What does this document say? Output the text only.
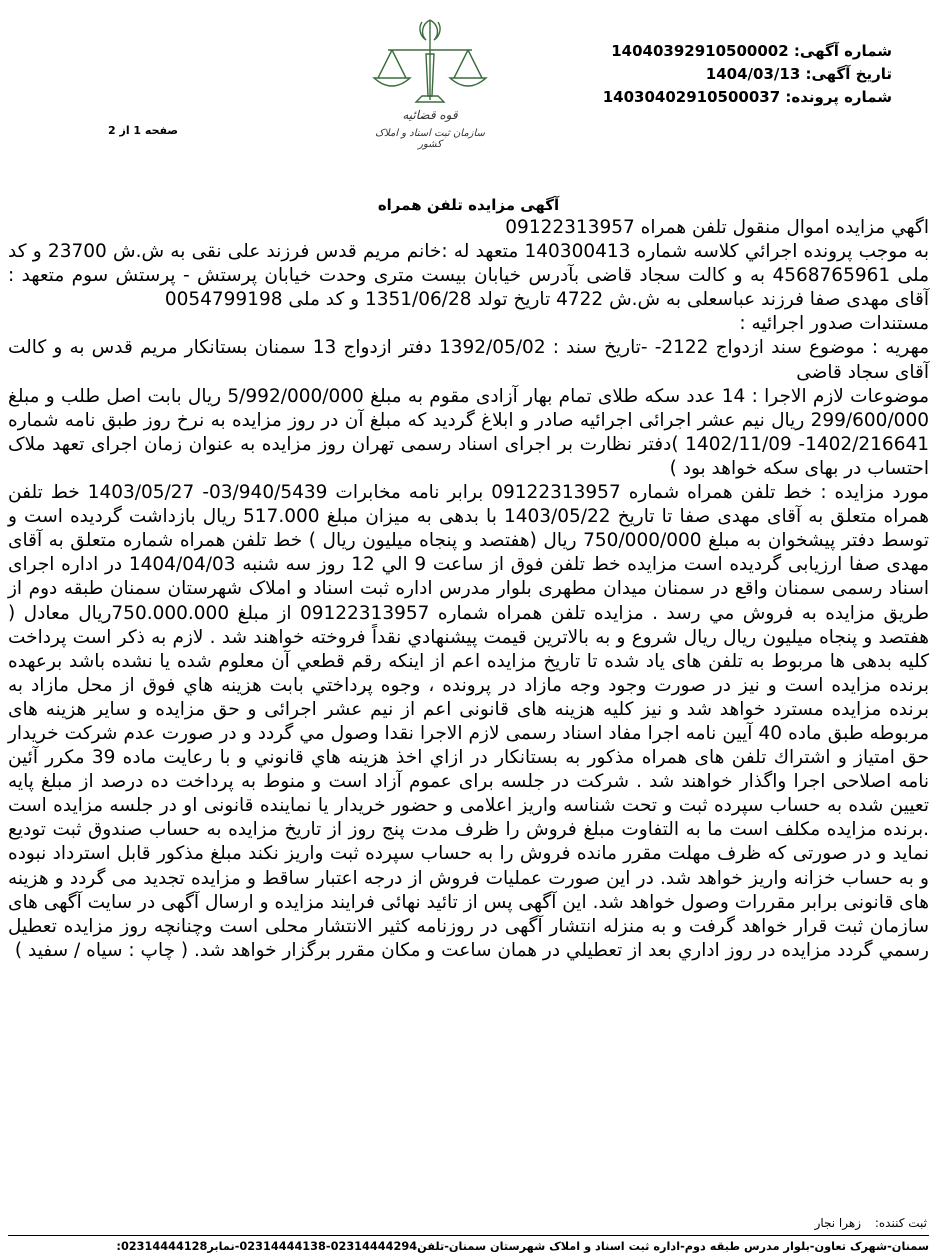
شماره آگهی: 14040392910500002
تاریخ آگهی: 1404/03/13
شماره پرونده: 14030402910500037
قوه قضائیه
سازمان ثبت اسناد و املاک کشور
صفحه 1 از 2
آگهی مزایده تلفن همراه

اگهي مزايده اموال منقول تلفن همراه 09122313957

به موجب پرونده اجرائي کلاسه شماره 140300413 متعهد له :خانم مریم قدس فرزند علی نقی به ش.ش 23700 و کد ملی 4568765961 به و کالت سجاد قاضی بآدرس خیابان بیست متری وحدت خیابان پرستش - پرستش سوم متعهد : آقای مهدی صفا فرزند عباسعلی به ش.ش 4722 تاریخ تولد 1351/06/28 و کد ملی 0054799198

مستندات صدور اجرائیه :

مهریه : موضوع سند ازدواج 2122- -تاریخ سند : 1392/05/02 دفتر ازدواج 13 سمنان بستانکار مریم قدس به و کالت آقای سجاد قاضی

موضوعات لازم الاجرا : 14 عدد سکه طلای تمام بهار آزادی مقوم به مبلغ 5/992/000/000 ریال بابت اصل طلب و مبلغ 299/600/000 ریال نیم عشر اجرائی اجرائیه صادر و ابلاغ گردید که مبلغ آن در روز مزایده به نرخ روز طبق نامه شماره 1402/216641- 1402/11/09 )دفتر نظارت بر اجرای اسناد رسمی تهران روز مزایده به عنوان زمان اجرای تعهد ملاک احتساب در بهای سکه خواهد بود )

مورد مزایده : خط تلفن همراه شماره 09122313957 برابر نامه مخابرات 03/940/5439- 1403/05/27 خط تلفن همراه متعلق به آقای مهدی صفا تا تاریخ 1403/05/22 با بدهی به میزان مبلغ 517.000 ریال بازداشت گردیده است و توسط دفتر پیشخوان به مبلغ 750/000/000 ریال (هفتصد و پنجاه میلیون ریال ) خط تلفن همراه شماره متعلق به آقای مهدی صفا ارزیابی گردیده است مزایده خط تلفن فوق از ساعت 9 الي 12 روز سه شنبه 1404/04/03 در اداره اجرای اسناد رسمی سمنان واقع در سمنان میدان مطهری بلوار مدرس اداره ثبت اسناد و املاک شهرستان سمنان طبقه دوم از طريق مزايده به فروش مي رسد . مزایده تلفن همراه شماره 09122313957 از مبلغ 750.000.000ریال معادل ( هفتصد و پنجاه میلیون ریال ریال شروع و به بالاترين قيمت پيشنهادي نقداً فروخته خواهند شد . لازم به ذكر است پرداخت كليه بدهی ها مربوط به تلفن های یاد شده تا تاريخ مزايده اعم از اينكه رقم قطعي آن معلوم شده يا نشده باشد برعهده برنده مزايده است و نيز در صورت وجود وجه مازاد در پرونده ، وجوه پرداختي بابت هزينه هاي فوق از محل مازاد به برنده مزايده مسترد خواهد شد و نیز کلیه هزینه های قانونی اعم از نیم عشر اجرائی و حق مزایده و سایر هزینه های مربوطه طبق ماده 40 آیین نامه اجرا مفاد اسناد رسمی لازم الاجرا نقدا وصول مي گردد و در صورت عدم شرکت خريدار حق امتیاز و اشتراك تلفن های همراه مذکور به بستانكار در ازاي اخذ هزينه هاي قانوني و با رعايت ماده 39 مكرر آئين نامه اصلاحی اجرا واگذار خواهند شد . شرکت در جلسه برای عموم آزاد است و منوط به پرداخت ده درصد از مبلغ پایه تعیین شده به حساب سپرده ثبت و تحت شناسه واریز اعلامی و حضور خریدار یا نماینده قانونی او در جلسه مزایده است .برنده مزایده مکلف است ما به التفاوت مبلغ فروش را ظرف مدت پنج روز از تاریخ مزایده به حساب صندوق ثبت تودیع نماید و در صورتی که ظرف مهلت مقرر مانده فروش را به حساب سپرده ثبت واریز نکند مبلغ مذکور قابل استرداد نبوده و به حساب خزانه واریز خواهد شد. در این صورت عملیات فروش از درجه اعتبار ساقط و مزایده تجدید می گردد و هزینه های قانونی برابر مقررات وصول خواهد شد. این آگهی پس از تائید نهائی فرایند مزایده و ارسال آگهی در سایت آگهی های سازمان ثبت قرار خواهد گرفت و به منزله انتشار آگهی در روزنامه کثیر الانتشار محلی است وچنانچه روز مزایده تعطیل رسمي گردد مزايده در روز اداري بعد از تعطيلي در همان ساعت و مكان مقرر برگزار خواهد شد. ( چاپ : سیاه / سفید )

ثبت کننده: زهرا نجار
سمنان-شهرک تعاون-بلوار مدرس طبقه دوم-اداره ثبت اسناد و املاک شهرستان سمنان-تلفن02314444294-02314444138-نمابر02314444128:
